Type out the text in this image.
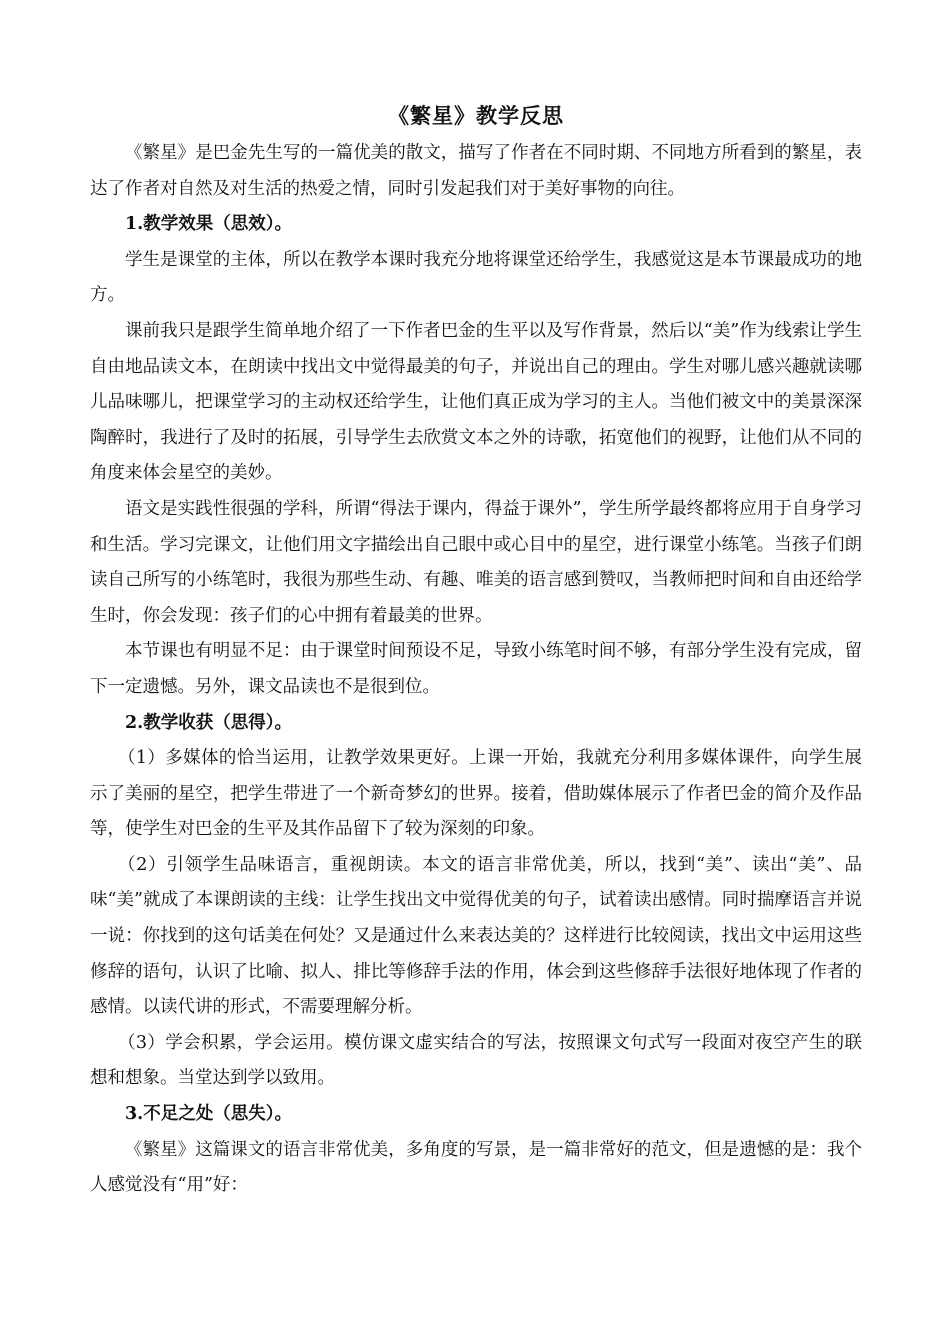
《繁星》教学反思

《繁星》是巴金先生写的一篇优美的散文，描写了作者在不同时期、不同地方所看到的繁星，表达了作者对自然及对生活的热爱之情，同时引发起我们对于美好事物的向往。

1.教学效果（思效）。

学生是课堂的主体，所以在教学本课时我充分地将课堂还给学生，我感觉这是本节课最成功的地方。

课前我只是跟学生简单地介绍了一下作者巴金的生平以及写作背景，然后以“美”作为线索让学生自由地品读文本，在朗读中找出文中觉得最美的句子，并说出自己的理由。学生对哪儿感兴趣就读哪儿品味哪儿，把课堂学习的主动权还给学生，让他们真正成为学习的主人。当他们被文中的美景深深陶醉时，我进行了及时的拓展，引导学生去欣赏文本之外的诗歌，拓宽他们的视野，让他们从不同的角度来体会星空的美妙。

语文是实践性很强的学科，所谓“得法于课内，得益于课外”，学生所学最终都将应用于自身学习和生活。学习完课文，让他们用文字描绘出自己眼中或心目中的星空，进行课堂小练笔。当孩子们朗读自己所写的小练笔时，我很为那些生动、有趣、唯美的语言感到赞叹，当教师把时间和自由还给学生时，你会发现：孩子们的心中拥有着最美的世界。

本节课也有明显不足：由于课堂时间预设不足，导致小练笔时间不够，有部分学生没有完成，留下一定遗憾。另外，课文品读也不是很到位。

2.教学收获（思得）。

（1）多媒体的恰当运用，让教学效果更好。上课一开始，我就充分利用多媒体课件，向学生展示了美丽的星空，把学生带进了一个新奇梦幻的世界。接着，借助媒体展示了作者巴金的简介及作品等，使学生对巴金的生平及其作品留下了较为深刻的印象。

（2）引领学生品味语言，重视朗读。本文的语言非常优美，所以，找到“美”、读出“美”、品味“美”就成了本课朗读的主线：让学生找出文中觉得优美的句子，试着读出感情。同时揣摩语言并说一说：你找到的这句话美在何处？又是通过什么来表达美的？这样进行比较阅读，找出文中运用这些修辞的语句，认识了比喻、拟人、排比等修辞手法的作用，体会到这些修辞手法很好地体现了作者的感情。以读代讲的形式，不需要理解分析。

（3）学会积累，学会运用。模仿课文虚实结合的写法，按照课文句式写一段面对夜空产生的联想和想象。当堂达到学以致用。

3.不足之处（思失）。

《繁星》这篇课文的语言非常优美，多角度的写景，是一篇非常好的范文，但是遗憾的是：我个人感觉没有“用”好：
